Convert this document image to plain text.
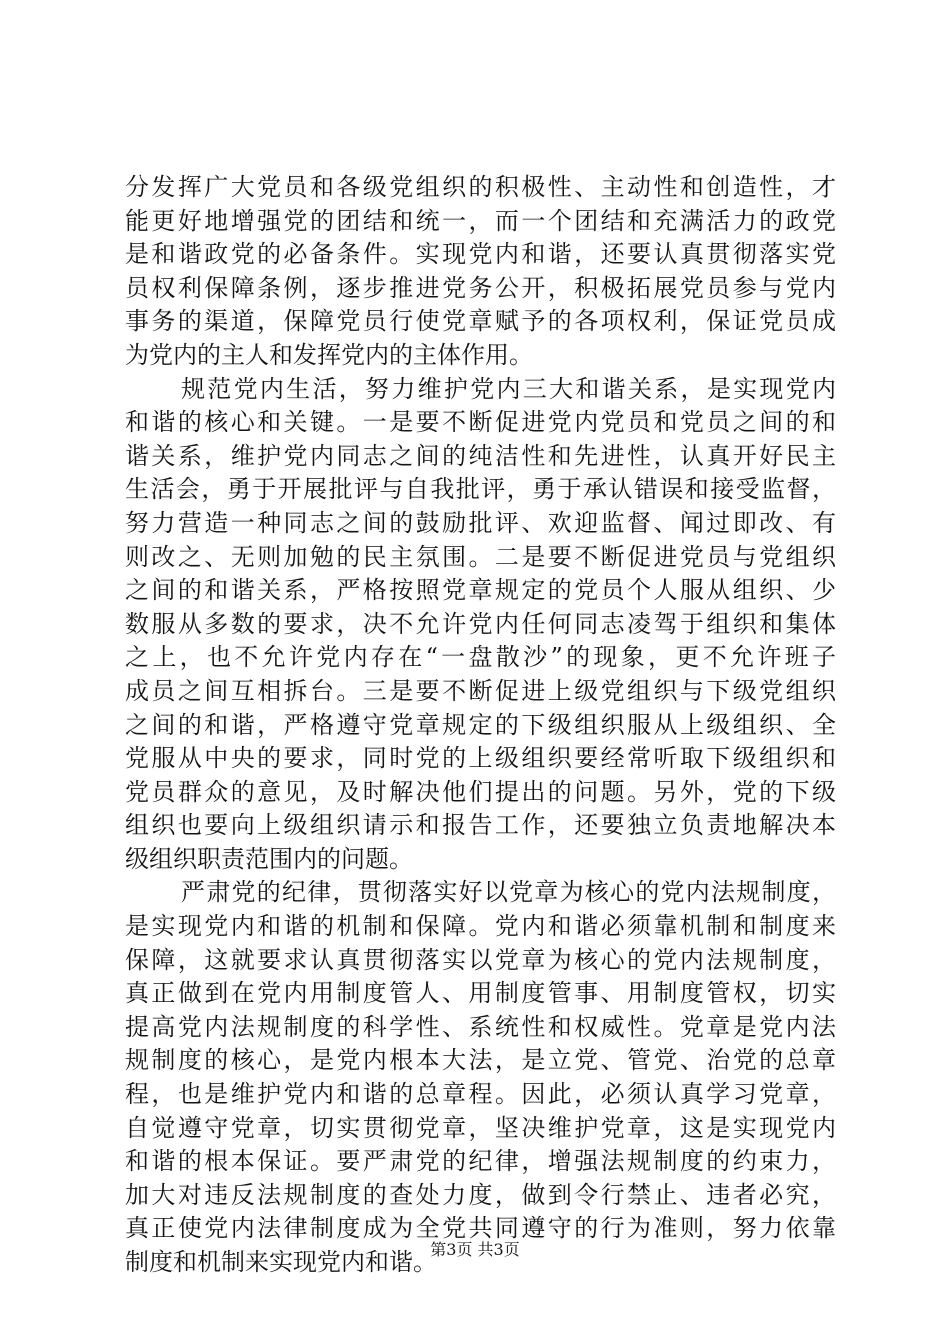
分发挥广大党员和各级党组织的积极性、主动性和创造性，才
能更好地增强党的团结和统一，而一个团结和充满活力的政党
是和谐政党的必备条件。实现党内和谐，还要认真贯彻落实党
员权利保障条例，逐步推进党务公开，积极拓展党员参与党内
事务的渠道，保障党员行使党章赋予的各项权利，保证党员成
为党内的主人和发挥党内的主体作用。
规范党内生活，努力维护党内三大和谐关系，是实现党内
和谐的核心和关键。一是要不断促进党内党员和党员之间的和
谐关系，维护党内同志之间的纯洁性和先进性，认真开好民主
生活会，勇于开展批评与自我批评，勇于承认错误和接受监督，
努力营造一种同志之间的鼓励批评、欢迎监督、闻过即改、有
则改之、无则加勉的民主氛围。二是要不断促进党员与党组织
之间的和谐关系，严格按照党章规定的党员个人服从组织、少
数服从多数的要求，决不允许党内任何同志凌驾于组织和集体
之上，也不允许党内存在“一盘散沙”的现象，更不允许班子
成员之间互相拆台。三是要不断促进上级党组织与下级党组织
之间的和谐，严格遵守党章规定的下级组织服从上级组织、全
党服从中央的要求，同时党的上级组织要经常听取下级组织和
党员群众的意见，及时解决他们提出的问题。另外，党的下级
组织也要向上级组织请示和报告工作，还要独立负责地解决本
级组织职责范围内的问题。
严肃党的纪律，贯彻落实好以党章为核心的党内法规制度，
是实现党内和谐的机制和保障。党内和谐必须靠机制和制度来
保障，这就要求认真贯彻落实以党章为核心的党内法规制度，
真正做到在党内用制度管人、用制度管事、用制度管权，切实
提高党内法规制度的科学性、系统性和权威性。党章是党内法
规制度的核心，是党内根本大法，是立党、管党、治党的总章
程，也是维护党内和谐的总章程。因此，必须认真学习党章，
自觉遵守党章，切实贯彻党章，坚决维护党章，这是实现党内
和谐的根本保证。要严肃党的纪律，增强法规制度的约束力，
加大对违反法规制度的查处力度，做到令行禁止、违者必究，
真正使党内法律制度成为全党共同遵守的行为准则，努力依靠
制度和机制来实现党内和谐。
第3页 共3页
